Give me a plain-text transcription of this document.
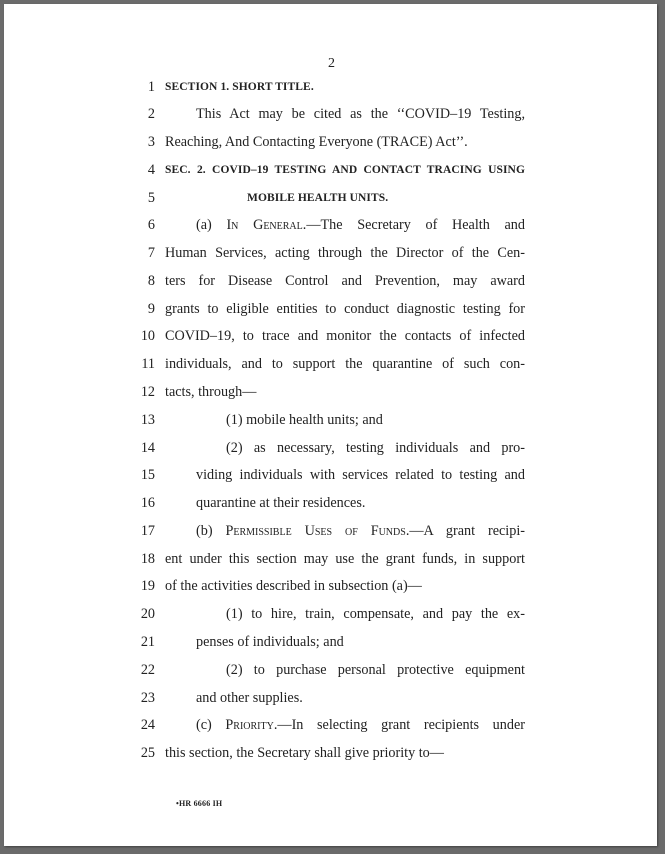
2
1 SECTION 1. SHORT TITLE.
2	This Act may be cited as the ‘‘COVID–19 Testing,
3 Reaching, And Contacting Everyone (TRACE) Act’’.
4 SEC. 2. COVID–19 TESTING AND CONTACT TRACING USING
5	MOBILE HEALTH UNITS.
6	(a) In General.—The Secretary of Health and
7 Human Services, acting through the Director of the Cen-
8 ters for Disease Control and Prevention, may award
9 grants to eligible entities to conduct diagnostic testing for
10 COVID–19, to trace and monitor the contacts of infected
11 individuals, and to support the quarantine of such con-
12 tacts, through—
13	(1) mobile health units; and
14	(2) as necessary, testing individuals and pro-
15	viding individuals with services related to testing and
16	quarantine at their residences.
17	(b) Permissible Uses of Funds.—A grant recipi-
18 ent under this section may use the grant funds, in support
19 of the activities described in subsection (a)—
20	(1) to hire, train, compensate, and pay the ex-
21	penses of individuals; and
22	(2) to purchase personal protective equipment
23	and other supplies.
24	(c) Priority.—In selecting grant recipients under
25 this section, the Secretary shall give priority to—
•HR 6666 IH
